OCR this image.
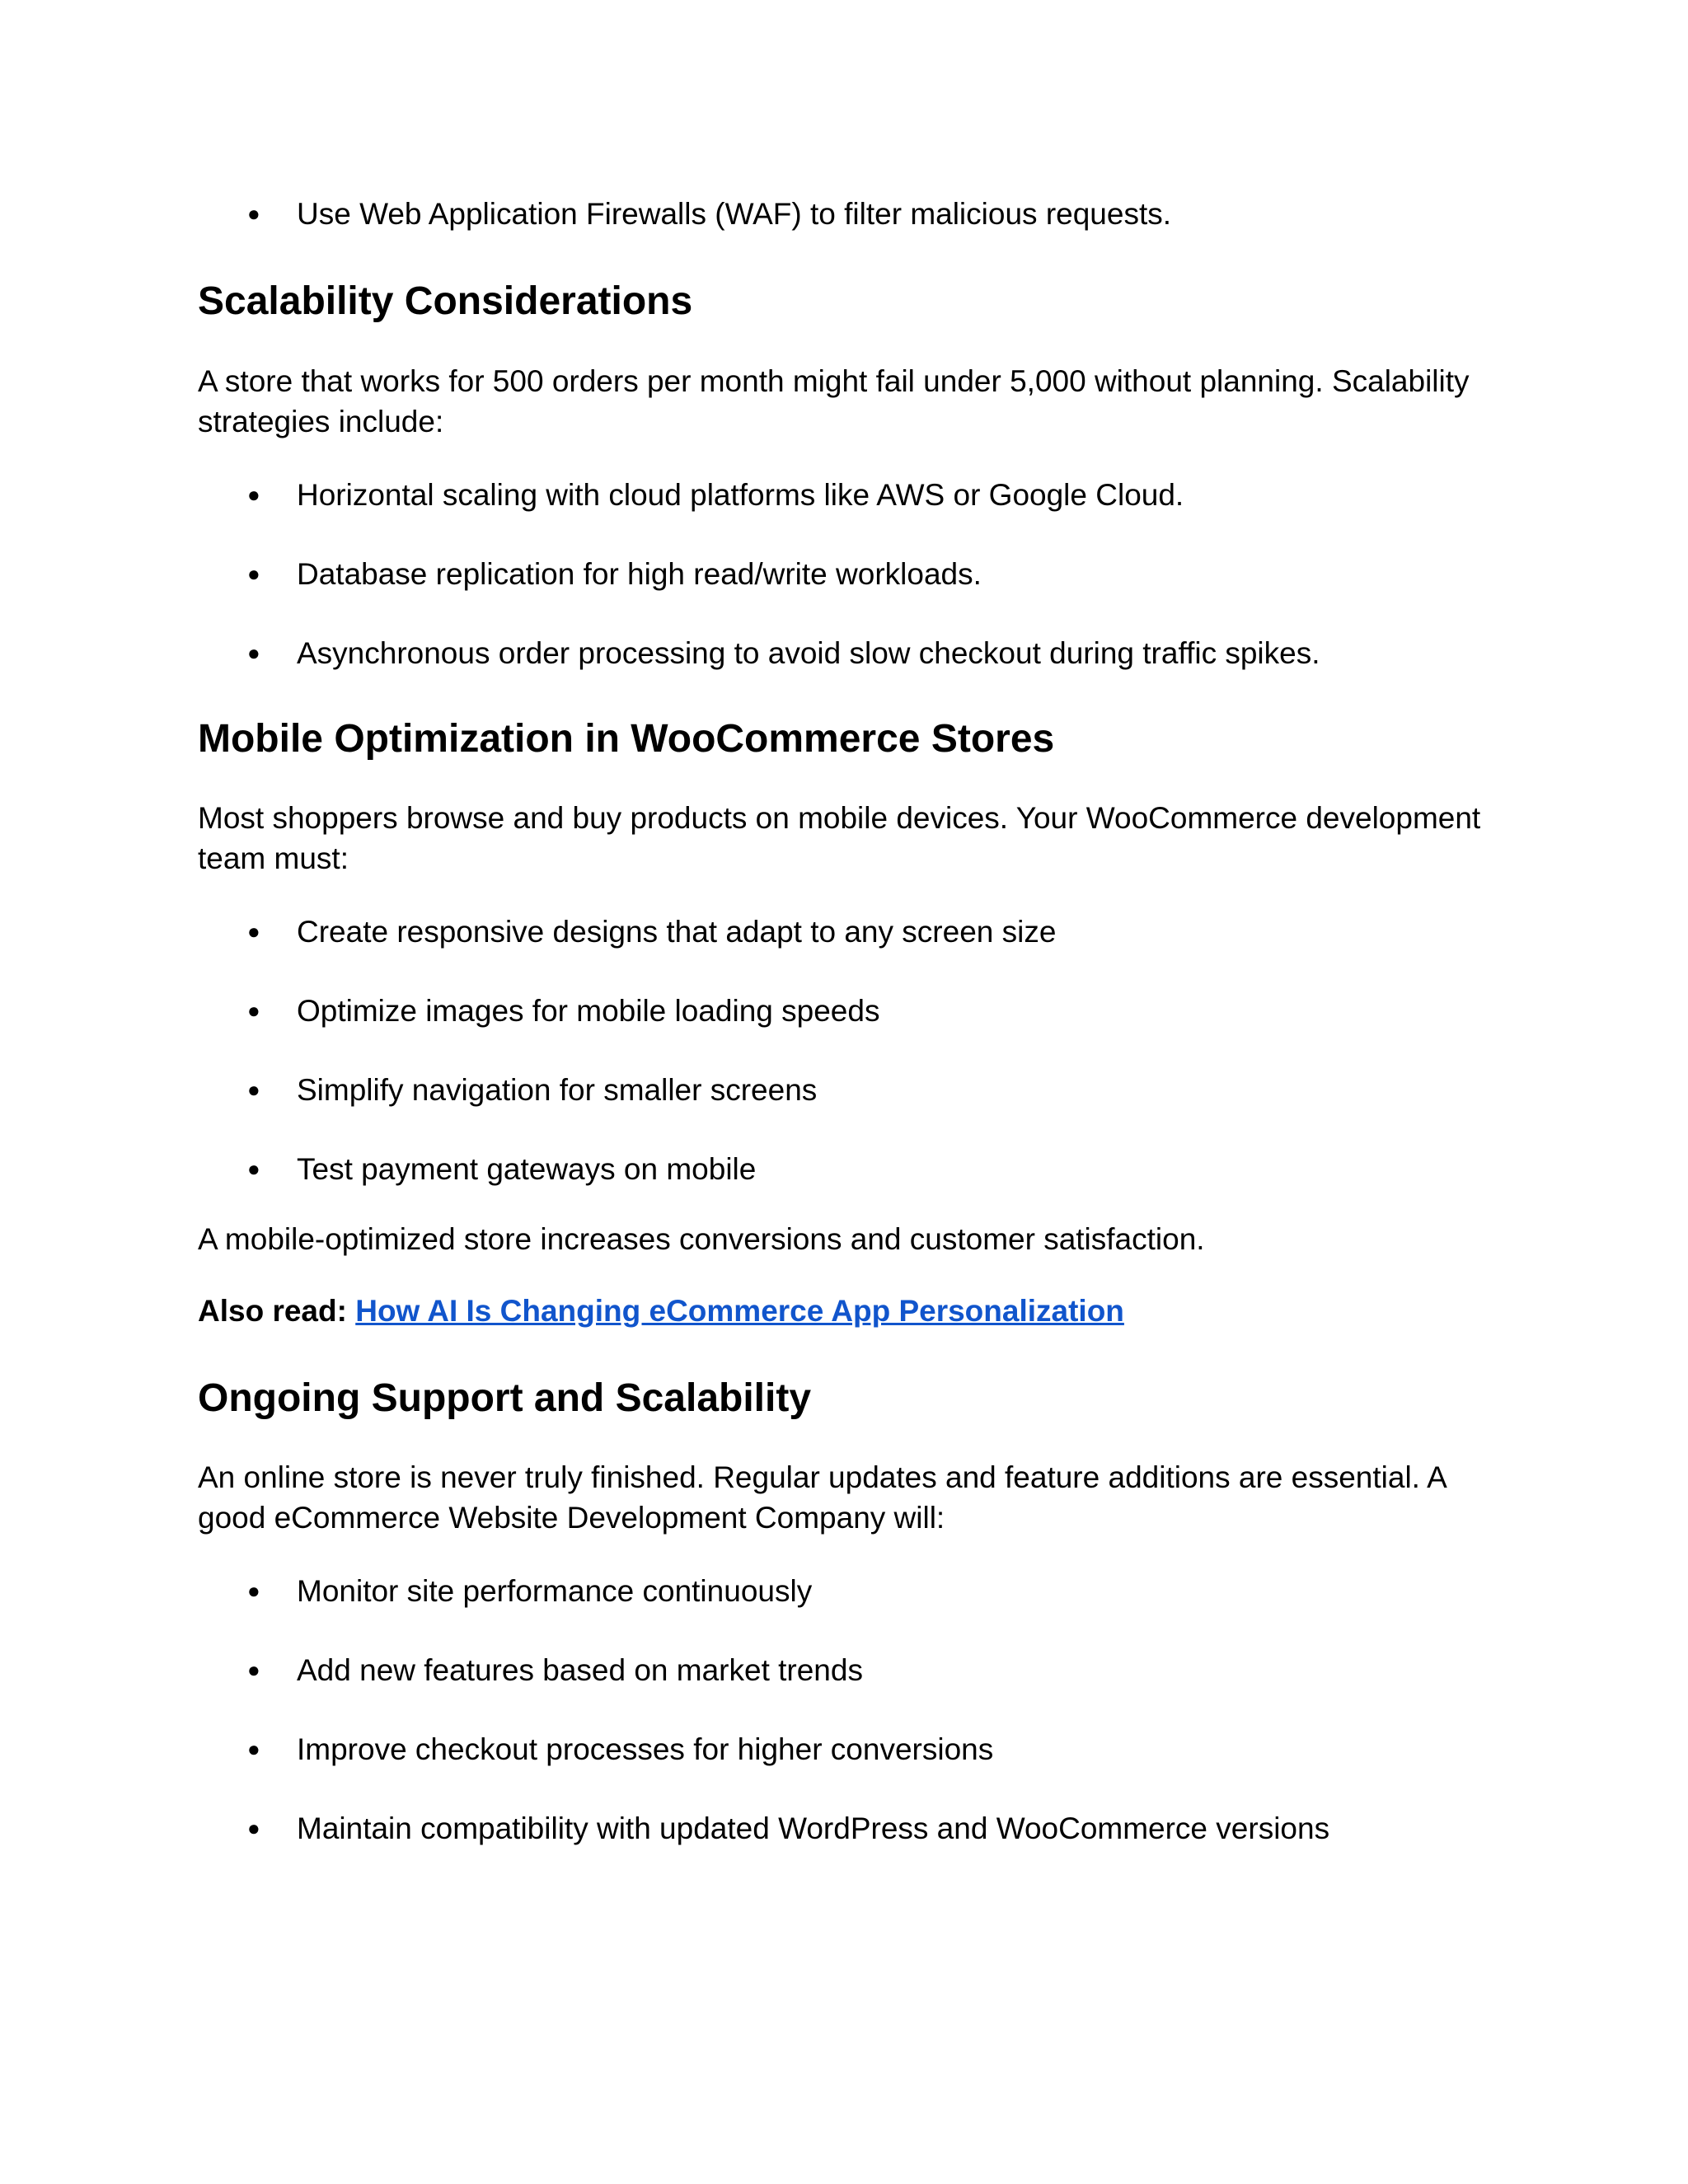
●	Use Web Application Firewalls (WAF) to filter malicious requests.
Scalability Considerations

A store that works for 500 orders per month might fail under 5,000 without planning. Scalability strategies include:

●	Horizontal scaling with cloud platforms like AWS or Google Cloud.
●	Database replication for high read/write workloads.
●	Asynchronous order processing to avoid slow checkout during traffic spikes.
Mobile Optimization in WooCommerce Stores

Most shoppers browse and buy products on mobile devices. Your WooCommerce development team must:

●	Create responsive designs that adapt to any screen size
●	Optimize images for mobile loading speeds
●	Simplify navigation for smaller screens
●	Test payment gateways on mobile

A mobile-optimized store increases conversions and customer satisfaction.

Also read: How AI Is Changing eCommerce App Personalization

Ongoing Support and Scalability

An online store is never truly finished. Regular updates and feature additions are essential. A good eCommerce Website Development Company will:

●	Monitor site performance continuously
●	Add new features based on market trends
●	Improve checkout processes for higher conversions
●	Maintain compatibility with updated WordPress and WooCommerce versions
